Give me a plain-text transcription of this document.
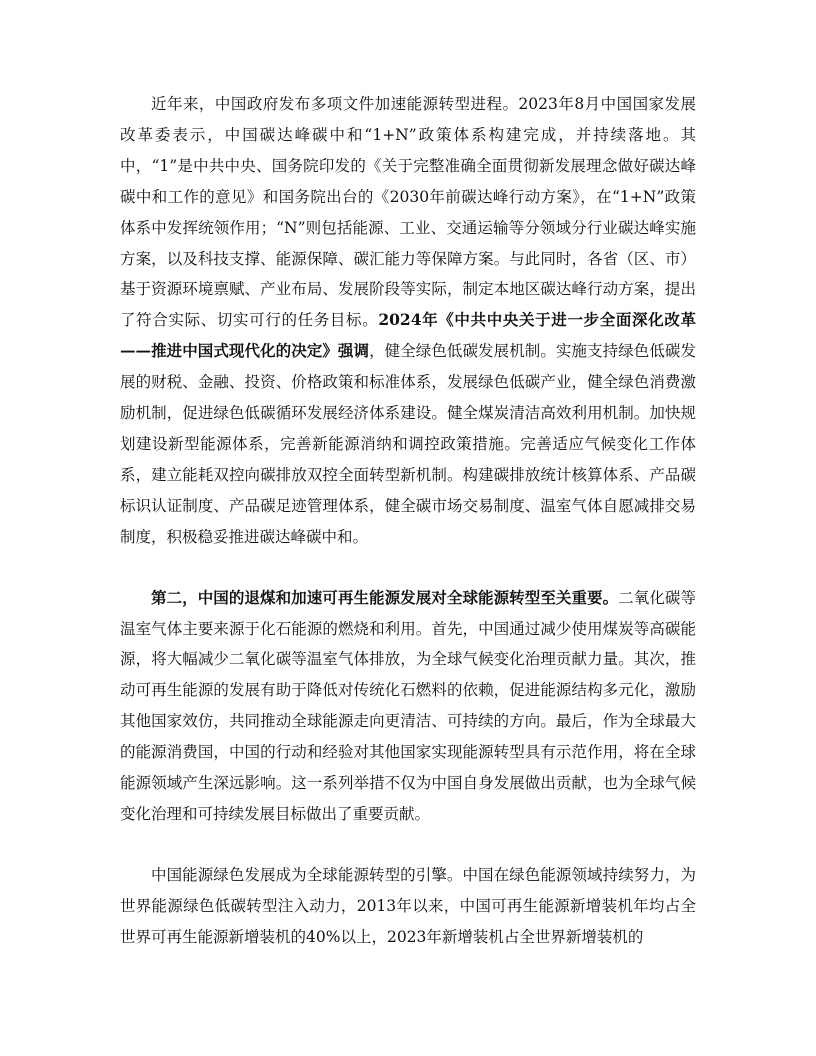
近年来，中国政府发布多项文件加速能源转型进程。2023年8月中国国家发展改革委表示，中国碳达峰碳中和“1+N”政策体系构建完成，并持续落地。其中，“1”是中共中央、国务院印发的《关于完整准确全面贯彻新发展理念做好碳达峰碳中和工作的意见》和国务院出台的《2030年前碳达峰行动方案》，在“1+N”政策体系中发挥统领作用；“N”则包括能源、工业、交通运输等分领域分行业碳达峰实施方案，以及科技支撑、能源保障、碳汇能力等保障方案。与此同时，各省（区、市）基于资源环境禀赋、产业布局、发展阶段等实际，制定本地区碳达峰行动方案，提出了符合实际、切实可行的任务目标。2024年《中共中央关于进一步全面深化改革——推进中国式现代化的决定》强调，健全绿色低碳发展机制。实施支持绿色低碳发展的财税、金融、投资、价格政策和标准体系，发展绿色低碳产业，健全绿色消费激励机制，促进绿色低碳循环发展经济体系建设。健全煤炭清洁高效利用机制。加快规划建设新型能源体系，完善新能源消纳和调控政策措施。完善适应气候变化工作体系，建立能耗双控向碳排放双控全面转型新机制。构建碳排放统计核算体系、产品碳标识认证制度、产品碳足迹管理体系，健全碳市场交易制度、温室气体自愿减排交易制度，积极稳妥推进碳达峰碳中和。

第二，中国的退煤和加速可再生能源发展对全球能源转型至关重要。二氧化碳等温室气体主要来源于化石能源的燃烧和利用。首先，中国通过减少使用煤炭等高碳能源，将大幅减少二氧化碳等温室气体排放，为全球气候变化治理贡献力量。其次，推动可再生能源的发展有助于降低对传统化石燃料的依赖，促进能源结构多元化，激励其他国家效仿，共同推动全球能源走向更清洁、可持续的方向。最后，作为全球最大的能源消费国，中国的行动和经验对其他国家实现能源转型具有示范作用，将在全球能源领域产生深远影响。这一系列举措不仅为中国自身发展做出贡献，也为全球气候变化治理和可持续发展目标做出了重要贡献。

中国能源绿色发展成为全球能源转型的引擎。中国在绿色能源领域持续努力，为世界能源绿色低碳转型注入动力，2013年以来，中国可再生能源新增装机年均占全世界可再生能源新增装机的40%以上，2023年新增装机占全世界新增装机的
